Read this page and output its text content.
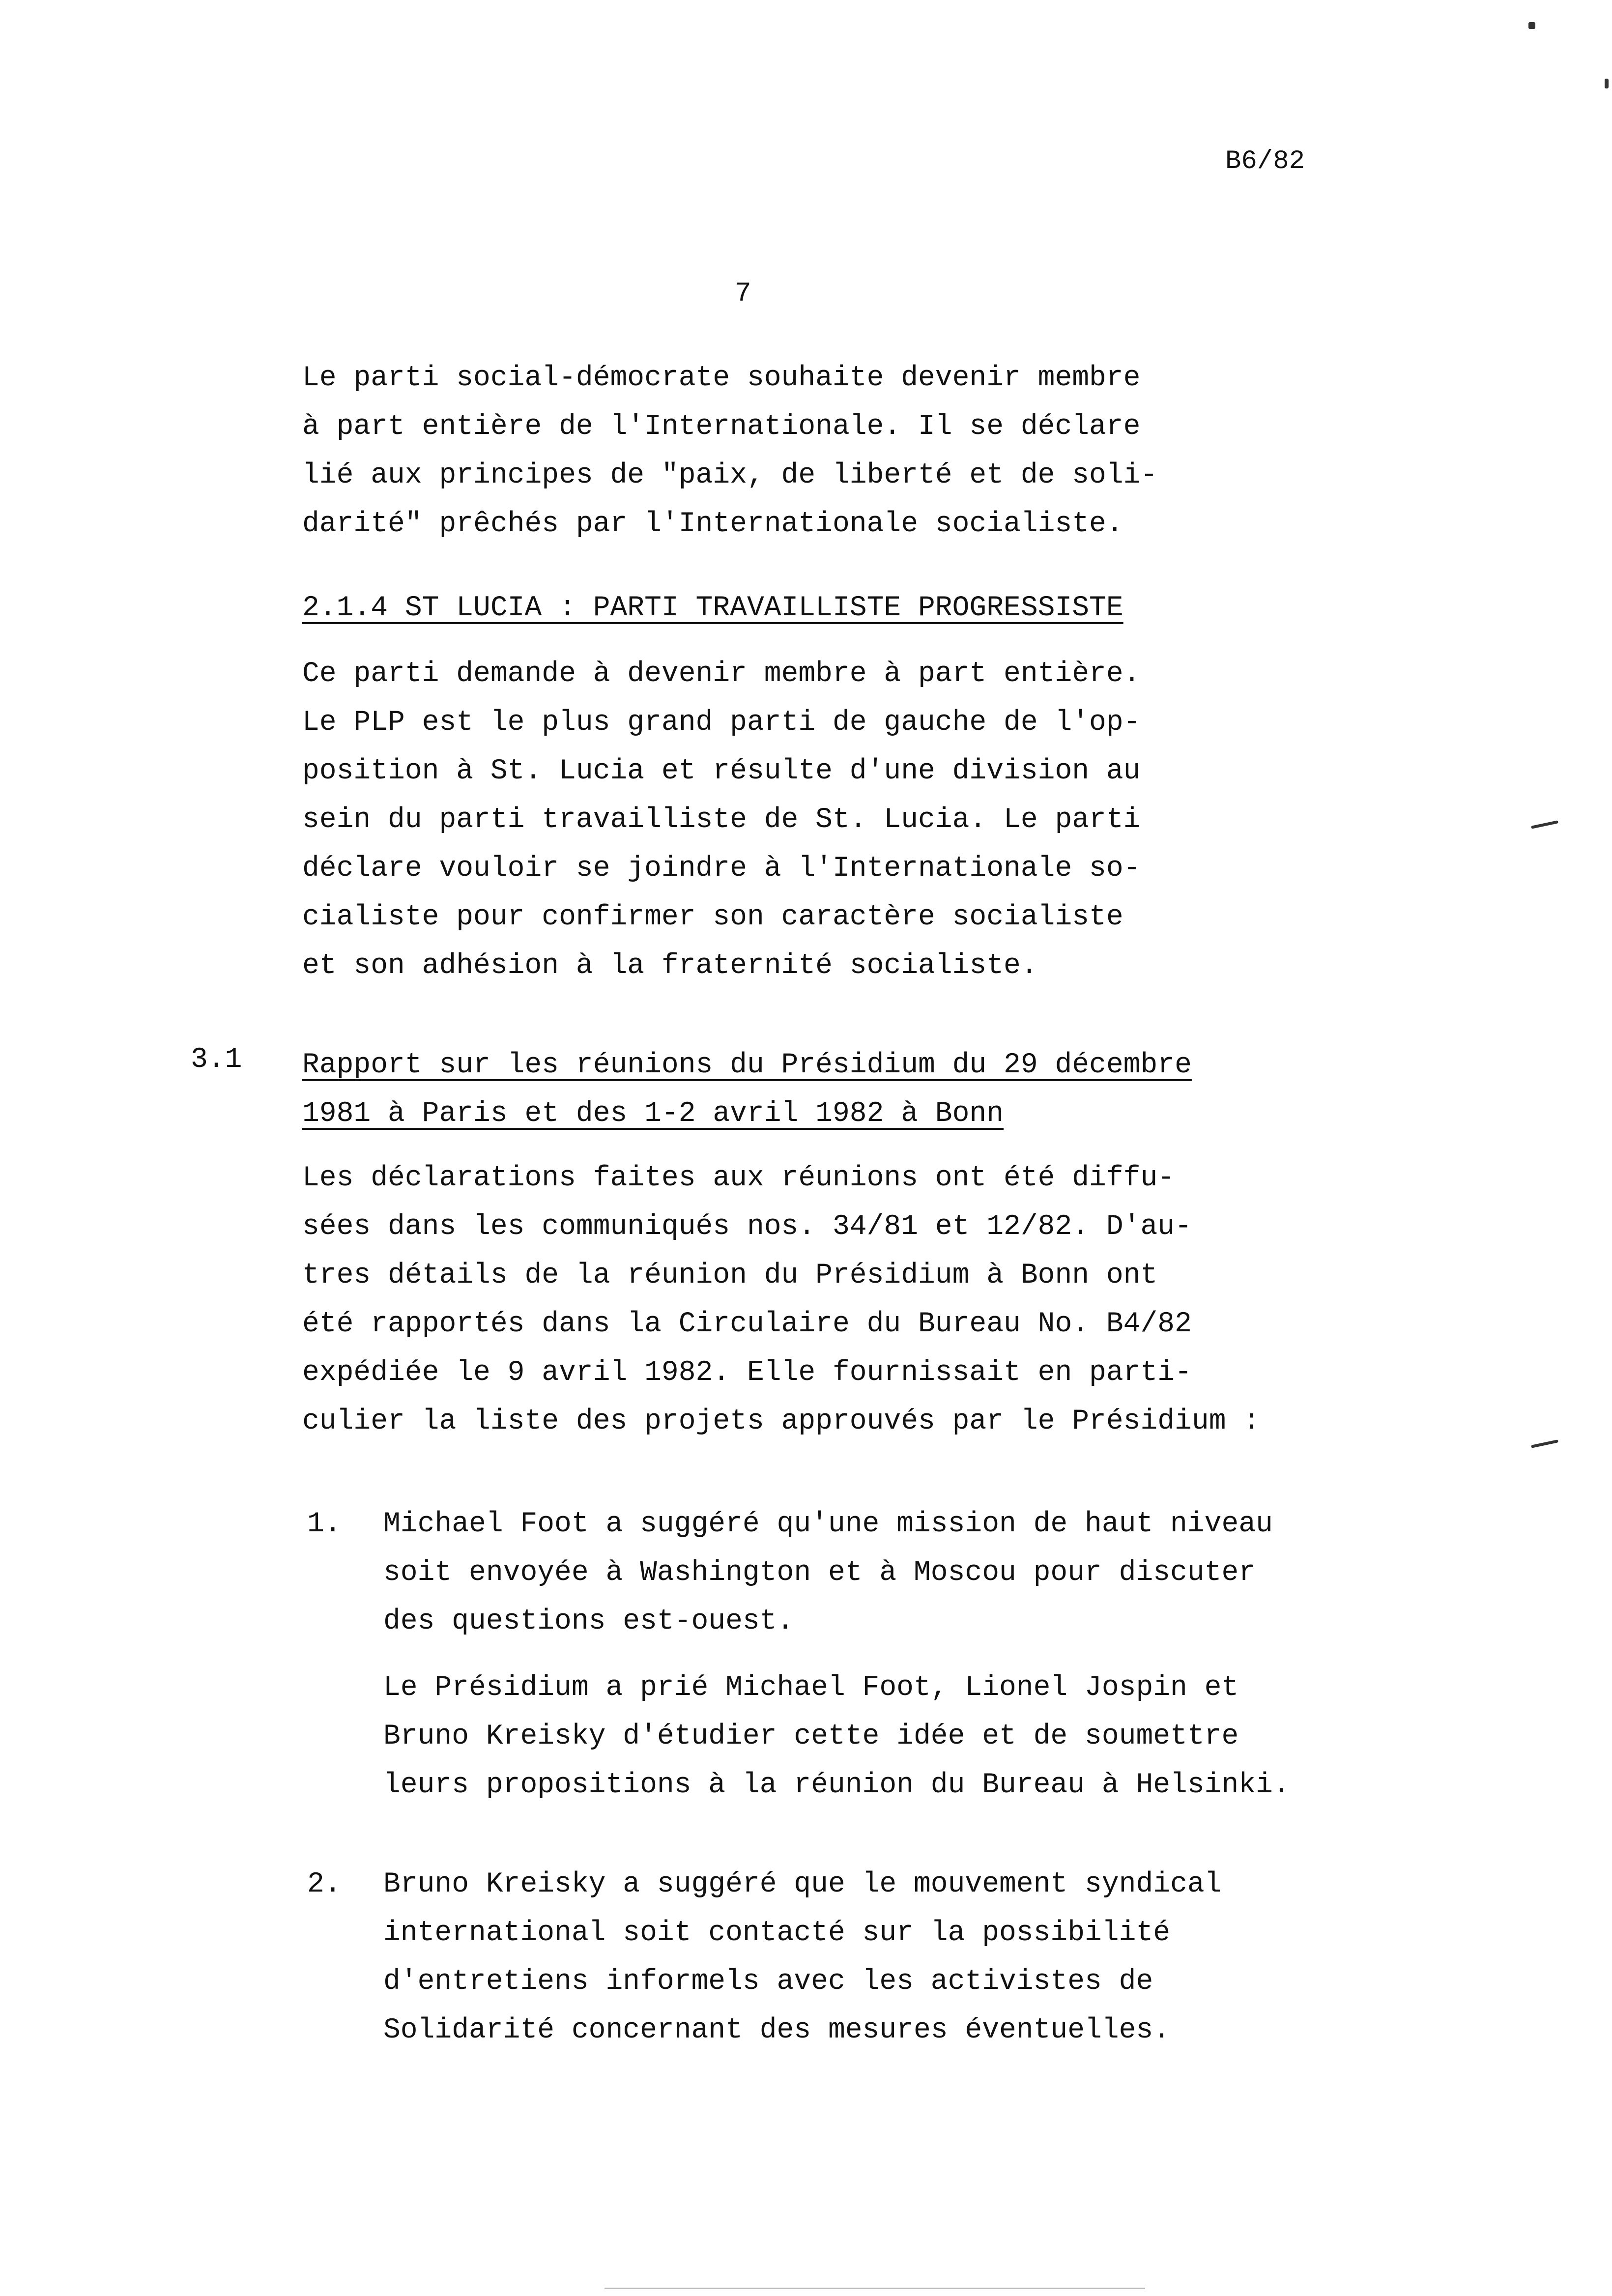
B6/82
7
Le parti social-démocrate souhaite devenir membre
à part entière de l'Internationale. Il se déclare
lié aux principes de "paix, de liberté et de soli-
darité" prêchés par l'Internationale socialiste.
2.1.4 ST LUCIA : PARTI TRAVAILLISTE PROGRESSISTE
Ce parti demande à devenir membre à part entière.
Le PLP est le plus grand parti de gauche de l'op-
position à St. Lucia et résulte d'une division au
sein du parti travailliste de St. Lucia. Le parti
déclare vouloir se joindre à l'Internationale so-
cialiste pour confirmer son caractère socialiste
et son adhésion à la fraternité socialiste.
3.1 Rapport sur les réunions du Présidium du 29 décembre
1981 à Paris et des 1-2 avril 1982 à Bonn
Les déclarations faites aux réunions ont été diffu-
sées dans les communiqués nos. 34/81 et 12/82. D'au-
tres détails de la réunion du Présidium à Bonn ont
été rapportés dans la Circulaire du Bureau No. B4/82
expédiée le 9 avril 1982. Elle fournissait en parti-
culier la liste des projets approuvés par le Présidium :
1. Michael Foot a suggéré qu'une mission de haut niveau
soit envoyée à Washington et à Moscou pour discuter
des questions est-ouest.
Le Présidium a prié Michael Foot, Lionel Jospin et
Bruno Kreisky d'étudier cette idée et de soumettre
leurs propositions à la réunion du Bureau à Helsinki.
2. Bruno Kreisky a suggéré que le mouvement syndical
international soit contacté sur la possibilité
d'entretiens informels avec les activistes de
Solidarité concernant des mesures éventuelles.
